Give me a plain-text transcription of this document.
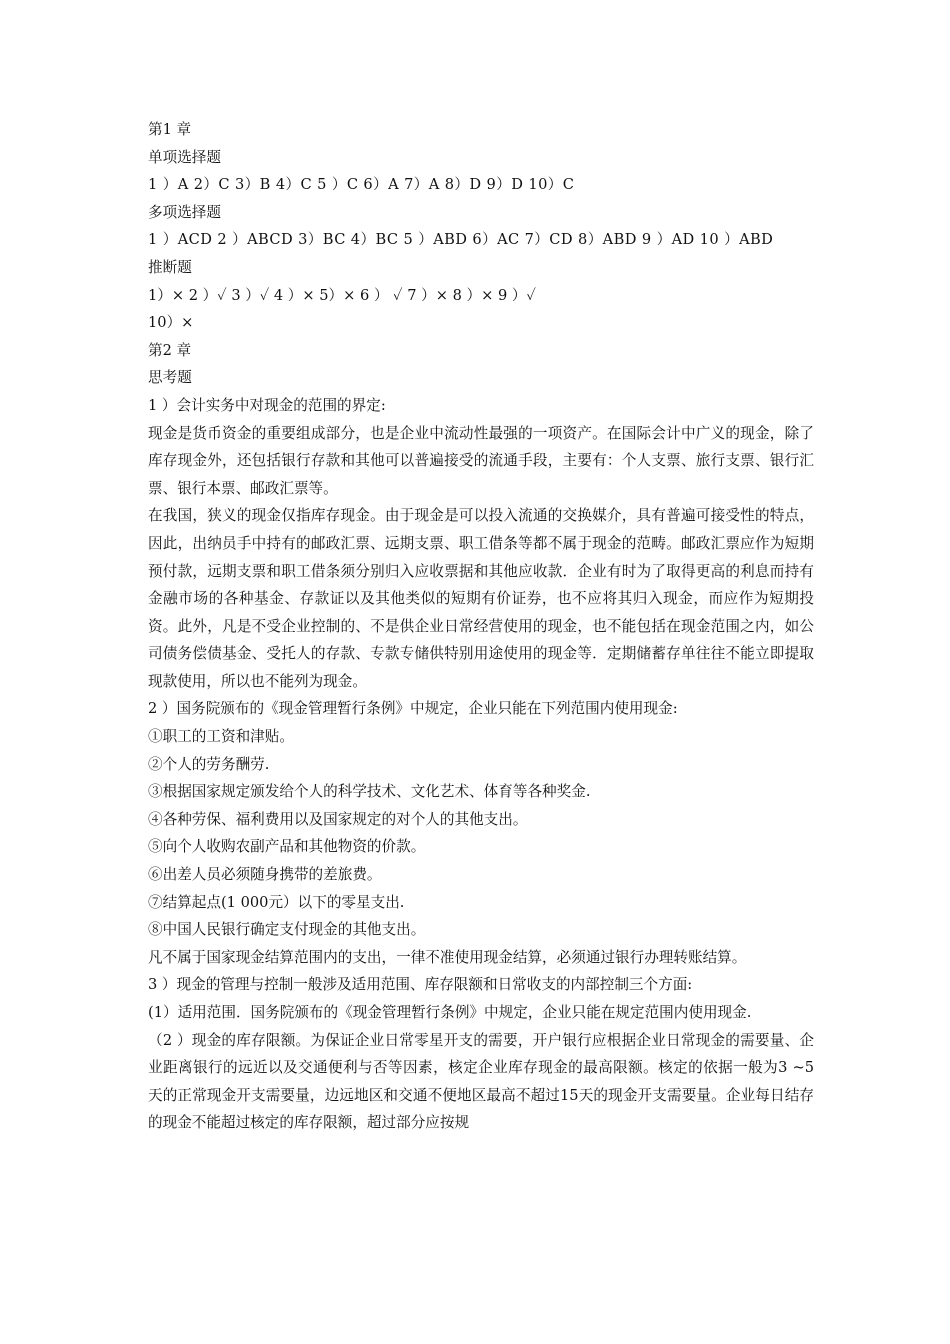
第1 章
单项选择题
1 ）A 2）C 3）B 4）C 5 ）C 6）A 7）A 8）D 9）D 10）C
多项选择题
1 ）ACD 2 ）ABCD 3）BC 4）BC 5 ）ABD 6）AC 7）CD 8）ABD 9 ）AD 10 ）ABD
推断题
1）× 2 ）✓ 3 ）✓ 4 ）× 5）× 6 ） ✓ 7 ）× 8 ）× 9 ）✓
10）×
第2 章
思考题
1 ）会计实务中对现金的范围的界定:
现金是货币资金的重要组成部分，也是企业中流动性最强的一项资产。在国际会计中广义的现金，除了库存现金外，还包括银行存款和其他可以普遍接受的流通手段，主要有：个人支票、旅行支票、银行汇票、银行本票、邮政汇票等。
在我国，狭义的现金仅指库存现金。由于现金是可以投入流通的交换媒介，具有普遍可接受性的特点，因此，出纳员手中持有的邮政汇票、远期支票、职工借条等都不属于现金的范畴。邮政汇票应作为短期预付款，远期支票和职工借条须分别归入应收票据和其他应收款．企业有时为了取得更高的利息而持有金融市场的各种基金、存款证以及其他类似的短期有价证券，也不应将其归入现金，而应作为短期投资。此外，凡是不受企业控制的、不是供企业日常经营使用的现金，也不能包括在现金范围之内，如公司债务偿债基金、受托人的存款、专款专储供特别用途使用的现金等．定期储蓄存单往往不能立即提取现款使用，所以也不能列为现金。
2 ）国务院颁布的《现金管理暂行条例》中规定，企业只能在下列范围内使用现金:
①职工的工资和津贴。
②个人的劳务酬劳.
③根据国家规定颁发给个人的科学技术、文化艺术、体育等各种奖金.
④各种劳保、福利费用以及国家规定的对个人的其他支出。
⑤向个人收购农副产品和其他物资的价款。
⑥出差人员必须随身携带的差旅费。
⑦结算起点(1 000元）以下的零星支出.
⑧中国人民银行确定支付现金的其他支出。
凡不属于国家现金结算范围内的支出，一律不准使用现金结算，必须通过银行办理转账结算。
3 ）现金的管理与控制一般涉及适用范围、库存限额和日常收支的内部控制三个方面:
(1）适用范围．国务院颁布的《现金管理暂行条例》中规定，企业只能在规定范围内使用现金.
（2 ）现金的库存限额。为保证企业日常零星开支的需要，开户银行应根据企业日常现金的需要量、企业距离银行的远近以及交通便利与否等因素，核定企业库存现金的最高限额。核定的依据一般为3 ~5 天的正常现金开支需要量，边远地区和交通不便地区最高不超过15天的现金开支需要量。企业每日结存的现金不能超过核定的库存限额，超过部分应按规
